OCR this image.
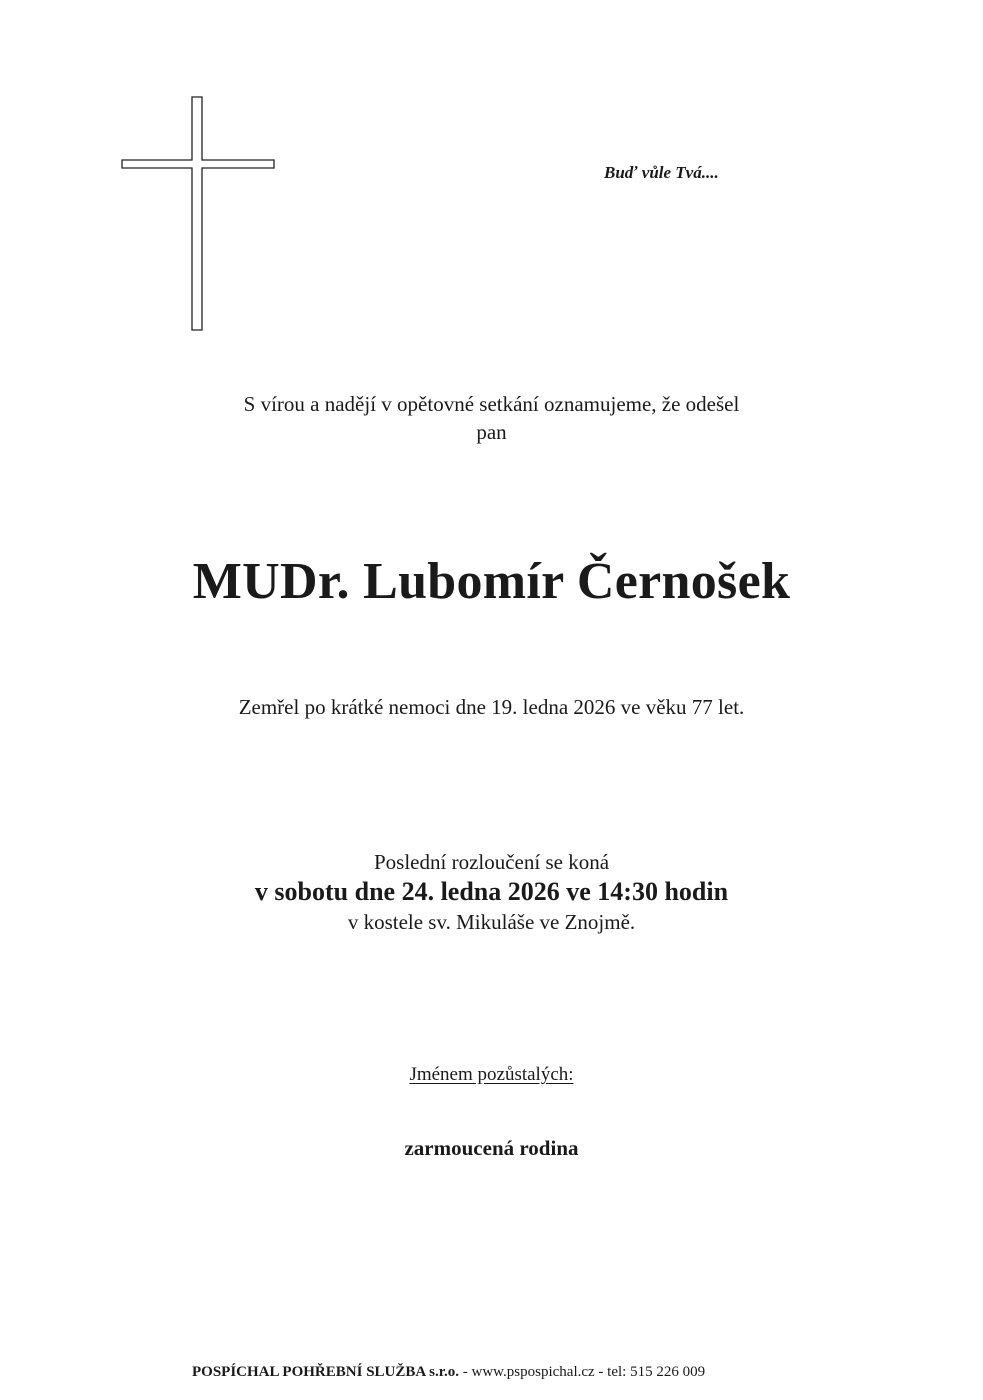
Buď vůle Tvá....
S vírou a nadějí v opětovné setkání oznamujeme, že odešel
pan
MUDr. Lubomír Černošek
Zemřel po krátké nemoci dne 19. ledna 2026 ve věku 77 let.
Poslední rozloučení se koná
v sobotu dne 24. ledna 2026 ve 14:30 hodin
v kostele sv. Mikuláše ve Znojmě.
Jménem pozůstalých:
zarmoucená rodina
POSPÍCHAL POHŘEBNÍ SLUŽBA s.r.o. - www.pspospichal.cz - tel: 515 226 009
